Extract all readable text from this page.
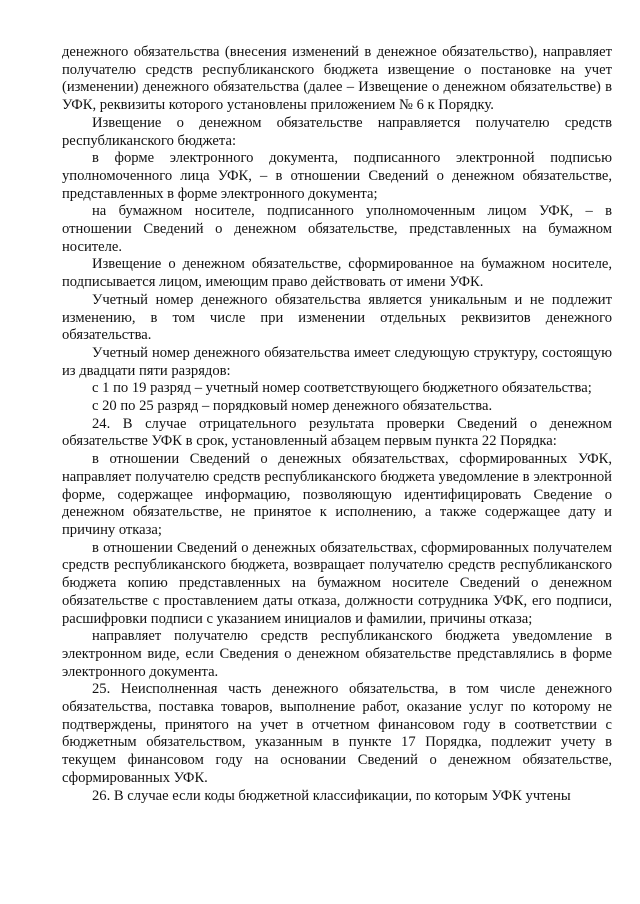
денежного обязательства (внесения изменений в денежное обязательство), направляет получателю средств республиканского бюджета извещение о постановке на учет (изменении) денежного обязательства (далее – Извещение о денежном обязательстве) в УФК, реквизиты которого установлены приложением № 6 к Порядку.

Извещение о денежном обязательстве направляется получателю средств республиканского бюджета:

в форме электронного документа, подписанного электронной подписью уполномоченного лица УФК, – в отношении Сведений о денежном обязательстве, представленных в форме электронного документа;

на бумажном носителе, подписанного уполномоченным лицом УФК, – в отношении Сведений о денежном обязательстве, представленных на бумажном носителе.

Извещение о денежном обязательстве, сформированное на бумажном носителе, подписывается лицом, имеющим право действовать от имени УФК.

Учетный номер денежного обязательства является уникальным и не подлежит изменению, в том числе при изменении отдельных реквизитов денежного обязательства.

Учетный номер денежного обязательства имеет следующую структуру, состоящую из двадцати пяти разрядов:

с 1 по 19 разряд – учетный номер соответствующего бюджетного обязательства;

с 20 по 25 разряд – порядковый номер денежного обязательства.

24. В случае отрицательного результата проверки Сведений о денежном обязательстве УФК в срок, установленный абзацем первым пункта 22 Порядка:

в отношении Сведений о денежных обязательствах, сформированных УФК, направляет получателю средств республиканского бюджета уведомление в электронной форме, содержащее информацию, позволяющую идентифицировать Сведение о денежном обязательстве, не принятое к исполнению, а также содержащее дату и причину отказа;

в отношении Сведений о денежных обязательствах, сформированных получателем средств республиканского бюджета, возвращает получателю средств республиканского бюджета копию представленных на бумажном носителе Сведений о денежном обязательстве с проставлением даты отказа, должности сотрудника УФК, его подписи, расшифровки подписи с указанием инициалов и фамилии, причины отказа;

направляет получателю средств республиканского бюджета уведомление в электронном виде, если Сведения о денежном обязательстве представлялись в форме электронного документа.

25. Неисполненная часть денежного обязательства, в том числе денежного обязательства, поставка товаров, выполнение работ, оказание услуг по которому не подтверждены, принятого на учет в отчетном финансовом году в соответствии с бюджетным обязательством, указанным в пункте 17 Порядка, подлежит учету в текущем финансовом году на основании Сведений о денежном обязательстве, сформированных УФК.

26. В случае если коды бюджетной классификации, по которым УФК учтены
